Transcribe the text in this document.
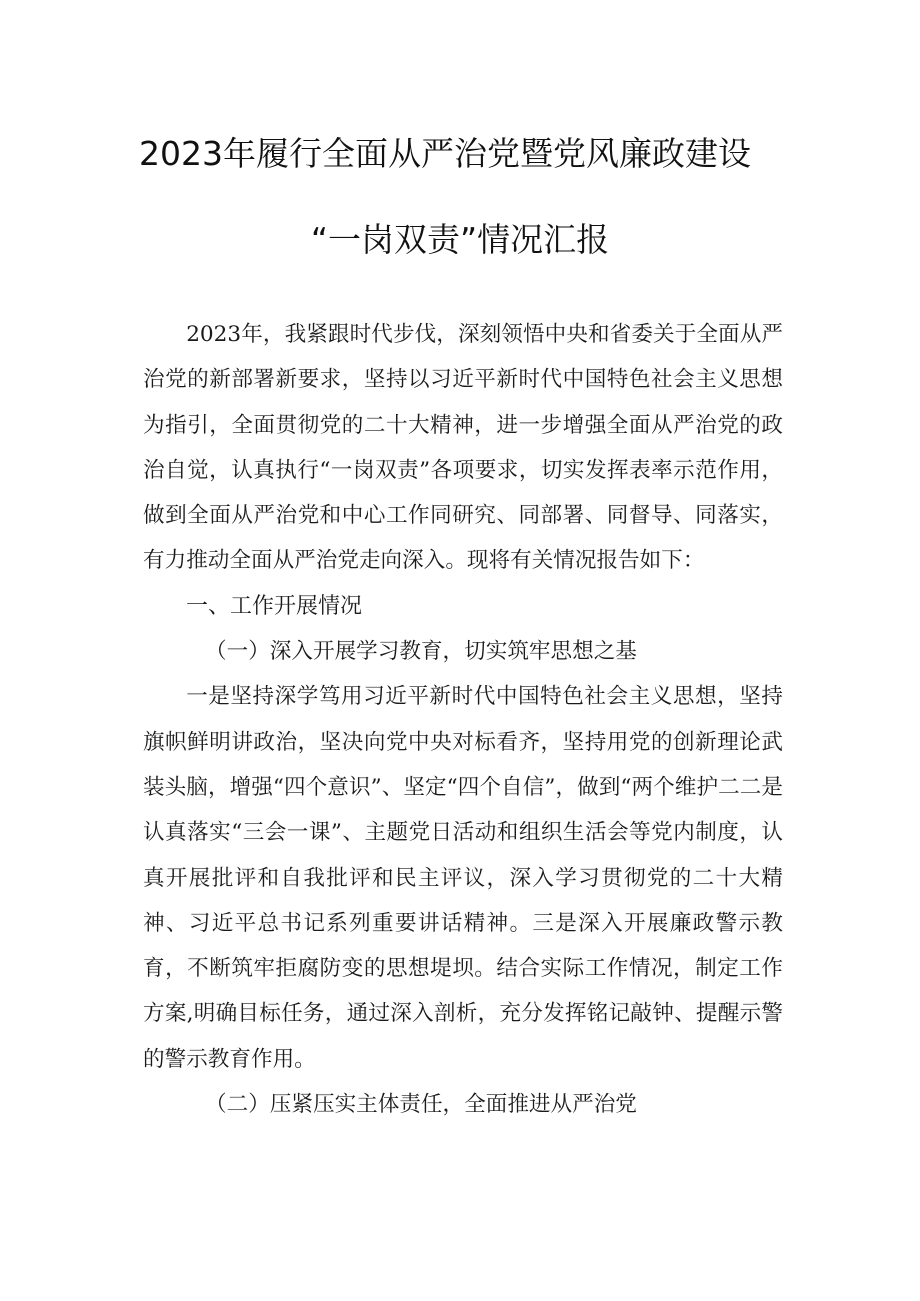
2023年履行全面从严治党暨党风廉政建设
“一岗双责”情况汇报

2023年，我紧跟时代步伐，深刻领悟中央和省委关于全面从严治党的新部署新要求，坚持以习近平新时代中国特色社会主义思想为指引，全面贯彻党的二十大精神，进一步增强全面从严治党的政治自觉，认真执行“一岗双责”各项要求，切实发挥表率示范作用，做到全面从严治党和中心工作同研究、同部署、同督导、同落实，有力推动全面从严治党走向深入。现将有关情况报告如下：

一、工作开展情况

（一）深入开展学习教育，切实筑牢思想之基

一是坚持深学笃用习近平新时代中国特色社会主义思想，坚持旗帜鲜明讲政治，坚决向党中央对标看齐，坚持用党的创新理论武装头脑，增强“四个意识”、坚定“四个自信”，做到“两个维护二二是认真落实“三会一课”、主题党日活动和组织生活会等党内制度，认真开展批评和自我批评和民主评议，深入学习贯彻党的二十大精神、习近平总书记系列重要讲话精神。三是深入开展廉政警示教育，不断筑牢拒腐防变的思想堤坝。结合实际工作情况，制定工作方案,明确目标任务，通过深入剖析，充分发挥铭记敲钟、提醒示警的警示教育作用。

（二）压紧压实主体责任，全面推进从严治党
